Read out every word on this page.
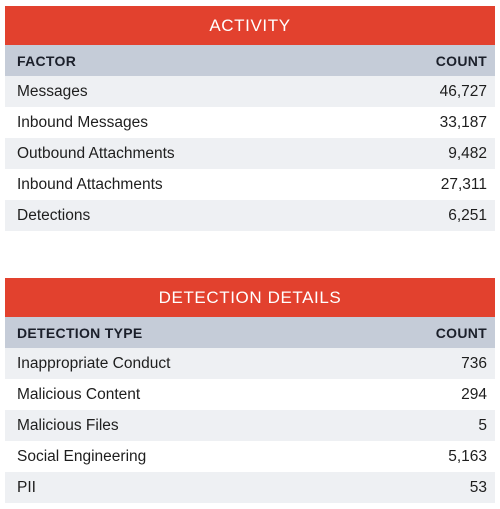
ACTIVITY
FACTOR	COUNT
Messages	46,727
Inbound Messages	33,187
Outbound Attachments	9,482
Inbound Attachments	27,311
Detections	6,251
DETECTION DETAILS
DETECTION TYPE	COUNT
Inappropriate Conduct	736
Malicious Content	294
Malicious Files	5
Social Engineering	5,163
PII	53
